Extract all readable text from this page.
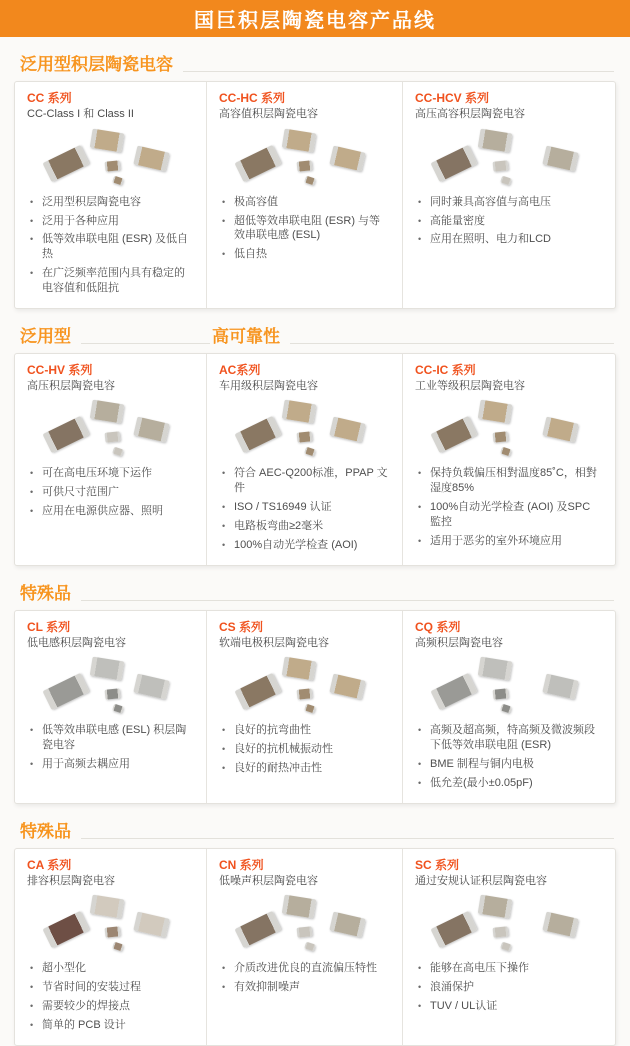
国巨积层陶瓷电容产品线
泛用型积层陶瓷电容
CC 系列
CC-Class I 和 Class II
• 泛用型积层陶瓷电容
• 泛用于各种应用
• 低等效串联电阻 (ESR) 及低自热
• 在广泛频率范围内具有稳定的电容值和低阻抗
CC-HC 系列
高容值积层陶瓷电容
• 极高容值
• 超低等效串联电阻 (ESR) 与等效串联电感 (ESL)
• 低自热
CC-HCV 系列
高压高容积层陶瓷电容
• 同时兼具高容值与高电压
• 高能量密度
• 应用在照明、电力和LCD
泛用型	高可靠性
CC-HV 系列
高压积层陶瓷电容
• 可在高电压环境下运作
• 可供尺寸范围广
• 应用在电源供应器、照明
AC系列
车用级积层陶瓷电容
• 符合 AEC-Q200标准，PPAP 文件
• ISO / TS16949 认证
• 电路板弯曲≥2毫米
• 100%自动光学检查 (AOI)
CC-IC 系列
工业等级积层陶瓷电容
• 保持负载偏压相對温度85˚C，相對湿度85%
• 100%自动光学检查 (AOI) 及SPC監控
• 适用于恶劣的室外环境应用
特殊品
CL 系列
低电感积层陶瓷电容
• 低等效串联电感 (ESL) 积层陶瓷电容
• 用于高频去耦应用
CS 系列
软端电极积层陶瓷电容
• 良好的抗弯曲性
• 良好的抗机械振动性
• 良好的耐热冲击性
CQ 系列
高频积层陶瓷电容
• 高频及超高频，特高频及微波频段下低等效串联电阻 (ESR)
• BME 制程与铜内电极
• 低允差(最小±0.05pF)
特殊品
CA 系列
排容积层陶瓷电容
• 超小型化
• 节省时间的安装过程
• 需要较少的焊接点
• 简单的 PCB 设计
CN 系列
低噪声积层陶瓷电容
• 介质改进优良的直流偏压特性
• 有效抑制噪声
SC 系列
通过安规认证积层陶瓷电容
• 能够在高电压下操作
• 浪涌保护
• TUV / UL认证
